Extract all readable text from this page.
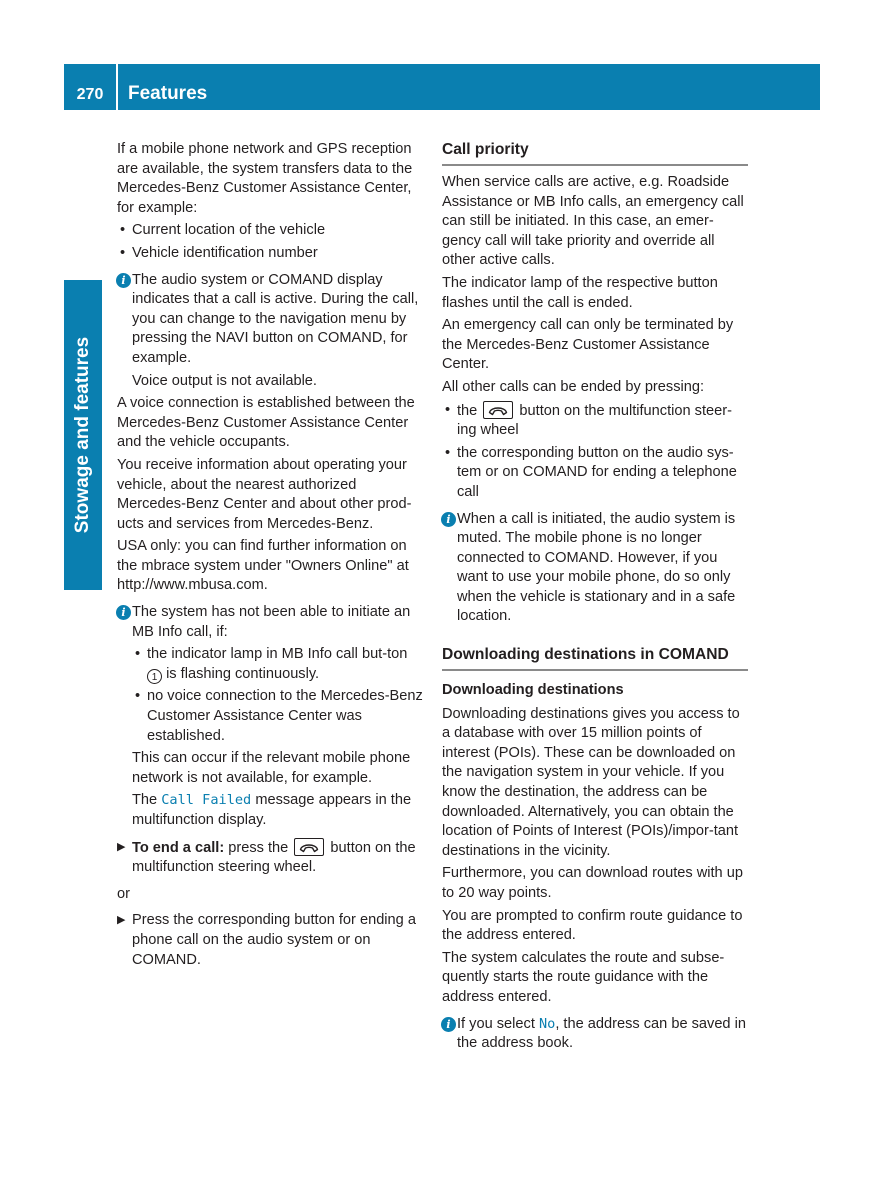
270	Features
Stowage and features

If a mobile phone network and GPS reception are available, the system transfers data to the Mercedes-Benz Customer Assistance Center, for example:

• Current location of the vehicle
• Vehicle identification number
i The audio system or COMAND display indicates that a call is active. During the call, you can change to the navigation menu by pressing the NAVI button on COMAND, for example.

Voice output is not available.

A voice connection is established between the Mercedes-Benz Customer Assistance Center and the vehicle occupants.

You receive information about operating your vehicle, about the nearest authorized Mercedes-Benz Center and about other prod-ucts and services from Mercedes-Benz.

USA only: you can find further information on the mbrace system under "Owners Online" at http://www.mbusa.com.

i The system has not been able to initiate an MB Info call, if:
• the indicator lamp in MB Info call but-ton 1 is flashing continuously.
• no voice connection to the Mercedes-Benz Customer Assistance Center was established.

This can occur if the relevant mobile phone network is not available, for example.

The Call Failed message appears in the multifunction display.

▶ To end a call: press the	button on the multifunction steering wheel.

or

▶ Press the corresponding button for ending a phone call on the audio system or on COMAND.
Call priority

When service calls are active, e.g. Roadside Assistance or MB Info calls, an emergency call can still be initiated. In this case, an emer-gency call will take priority and override all other active calls.

The indicator lamp of the respective button flashes until the call is ended.

An emergency call can only be terminated by the Mercedes-Benz Customer Assistance Center.

All other calls can be ended by pressing:

• the	button on the multifunction steer-ing wheel
• the corresponding button on the audio sys-tem or on COMAND for ending a telephone call
i When a call is initiated, the audio system is muted. The mobile phone is no longer connected to COMAND. However, if you want to use your mobile phone, do so only when the vehicle is stationary and in a safe location.
Downloading destinations in COMAND
Downloading destinations

Downloading destinations gives you access to a database with over 15 million points of interest (POIs). These can be downloaded on the navigation system in your vehicle. If you know the destination, the address can be downloaded. Alternatively, you can obtain the location of Points of Interest (POIs)/impor-tant destinations in the vicinity.

Furthermore, you can download routes with up to 20 way points.

You are prompted to confirm route guidance to the address entered.

The system calculates the route and subse-quently starts the route guidance with the address entered.

i If you select No, the address can be saved in the address book.
